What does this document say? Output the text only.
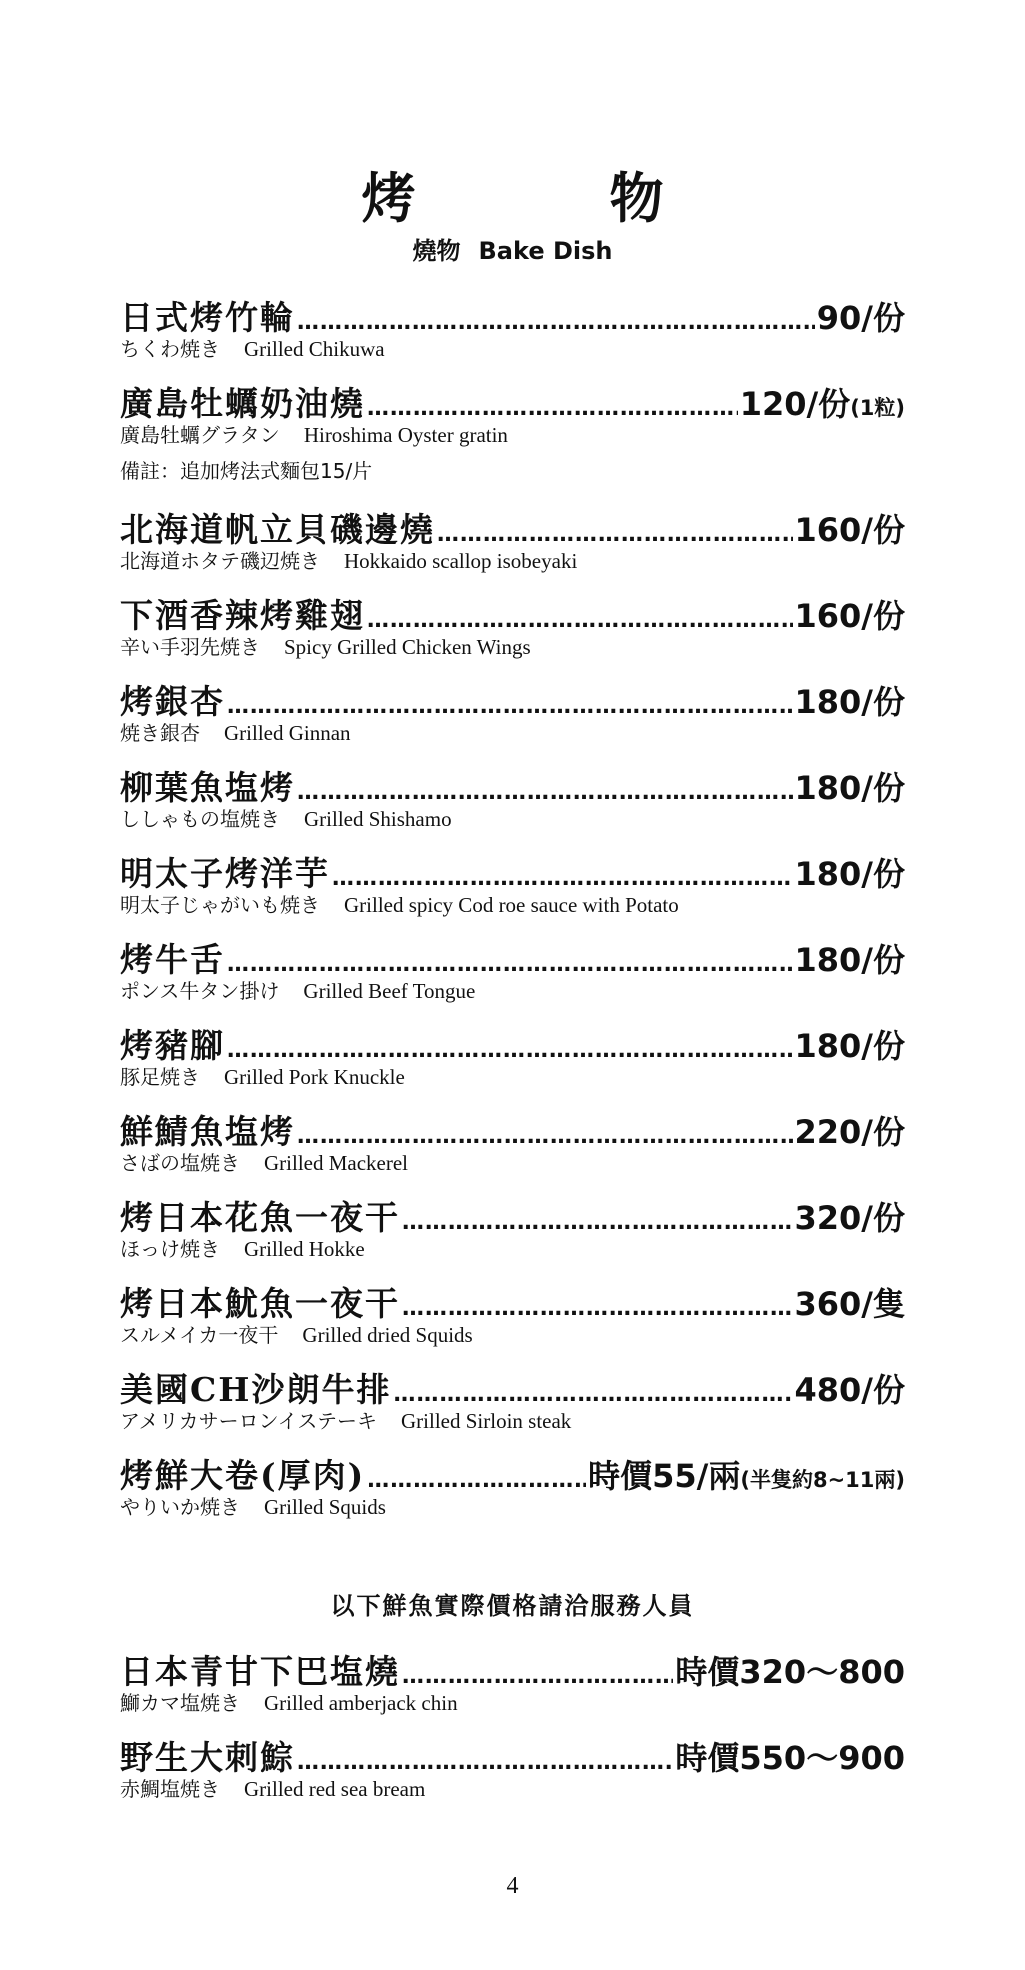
烤　物
燒物 Bake Dish
日式烤竹輪 ……………………………………………………………………………………………………………………………………………………	90/份
ちくわ焼き Grilled Chikuwa
廣島牡蠣奶油燒 ……………………………………………………………………………………………………………………………………………………	120/份(1粒)
廣島牡蠣グラタン Hiroshima Oyster gratin
備註：追加烤法式麵包15/片
北海道帆立貝磯邊燒 ……………………………………………………………………………………………………………………………………………………	160/份
北海道ホタテ磯辺焼き Hokkaido scallop isobeyaki
下酒香辣烤雞翅 ……………………………………………………………………………………………………………………………………………………	160/份
辛い手羽先焼き Spicy Grilled Chicken Wings
烤銀杏 ……………………………………………………………………………………………………………………………………………………	180/份
焼き銀杏 Grilled Ginnan
柳葉魚塩烤 ……………………………………………………………………………………………………………………………………………………	180/份
ししゃもの塩焼き Grilled Shishamo
明太子烤洋芋 ……………………………………………………………………………………………………………………………………………………	180/份
明太子じゃがいも焼き Grilled spicy Cod roe sauce with Potato
烤牛舌 ……………………………………………………………………………………………………………………………………………………	180/份
ポンス牛タン掛け Grilled Beef Tongue
烤豬腳 ……………………………………………………………………………………………………………………………………………………	180/份
豚足焼き Grilled Pork Knuckle
鮮鯖魚塩烤 ……………………………………………………………………………………………………………………………………………………	220/份
さばの塩焼き Grilled Mackerel
烤日本花魚一夜干 ……………………………………………………………………………………………………………………………………………………	320/份
ほっけ焼き Grilled Hokke
烤日本魷魚一夜干 ……………………………………………………………………………………………………………………………………………………	360/隻
スルメイカ一夜干 Grilled dried Squids
美國CH沙朗牛排 ……………………………………………………………………………………………………………………………………………………	480/份
アメリカサーロンイステーキ Grilled Sirloin steak
烤鮮大卷(厚肉) ……………………………………………………………………………………………………………………………………………………	時價55/兩(半隻約8~11兩)
やりいか焼き Grilled Squids
以下鮮魚實際價格請洽服務人員
日本青甘下巴塩燒 ……………………………………………………………………………………………………………………………………………………	時價320～800
鰤カマ塩焼き Grilled amberjack chin
野生大刺鯮 ……………………………………………………………………………………………………………………………………………………	時價550～900
赤鯛塩焼き Grilled red sea bream
4
